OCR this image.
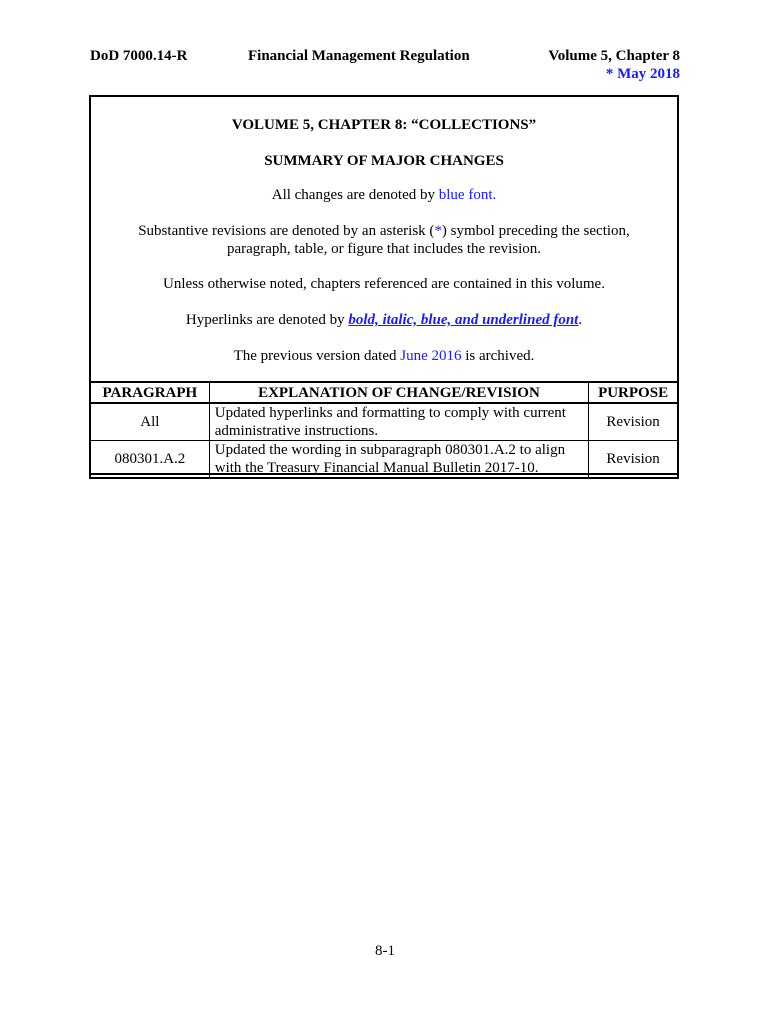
DoD 7000.14-R	Financial Management Regulation	Volume 5, Chapter 8
* May 2018
VOLUME 5, CHAPTER 8: “COLLECTIONS”
SUMMARY OF MAJOR CHANGES
All changes are denoted by blue font.
Substantive revisions are denoted by an asterisk (*) symbol preceding the section,
paragraph, table, or figure that includes the revision.
Unless otherwise noted, chapters referenced are contained in this volume.
Hyperlinks are denoted by bold, italic, blue, and underlined font.
The previous version dated June 2016 is archived.
PARAGRAPH	EXPLANATION OF CHANGE/REVISION	PURPOSE
All	Updated hyperlinks and formatting to comply with current administrative instructions.	Revision
080301.A.2	Updated the wording in subparagraph 080301.A.2 to align with the Treasury Financial Manual Bulletin 2017-10.	Revision
8-1
